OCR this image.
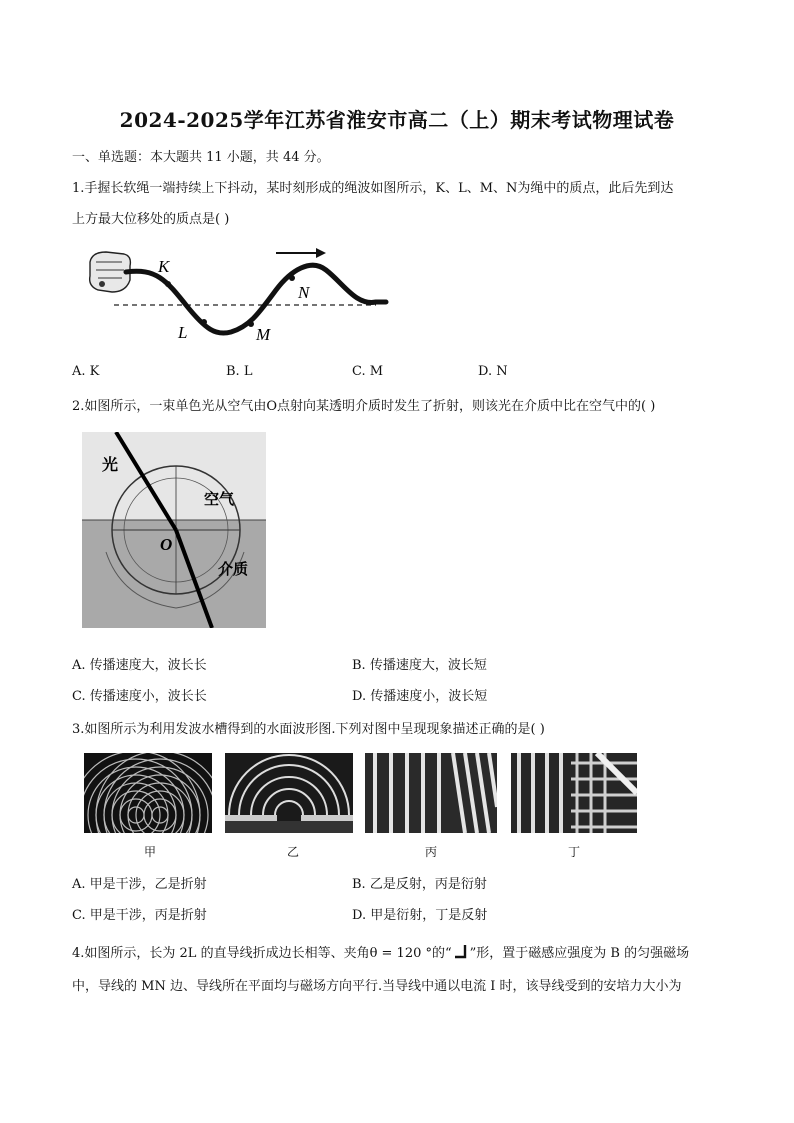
2024-2025学年江苏省淮安市高二（上）期末考试物理试卷
一、单选题：本大题共 11 小题，共 44 分。
1.手握长软绳一端持续上下抖动，某时刻形成的绳波如图所示，K、L、M、N为绳中的质点，此后先到达
上方最大位移处的质点是( )
K
L	M
N
A. K	B. L	C. M	D. N
2.如图所示，一束单色光从空气由O点射向某透明介质时发生了折射，则该光在介质中比在空气中的( )
光
空气
O
介质
A. 传播速度大，波长长	B. 传播速度大，波长短
C. 传播速度小，波长长	D. 传播速度小，波长短
3.如图所示为利用发波水槽得到的水面波形图.下列对图中呈现现象描述正确的是( )
甲	乙	丙	丁
A. 甲是干涉，乙是折射	B. 乙是反射，丙是衍射
C. 甲是干涉，丙是折射	D. 甲是衍射，丁是反射
4.如图所示，长为 2L 的直导线折成边长相等、夹角θ = 120 °的“ ”形，置于磁感应强度为 B 的匀强磁场
中，导线的 MN 边、导线所在平面均与磁场方向平行.当导线中通以电流 I 时，该导线受到的安培力大小为
